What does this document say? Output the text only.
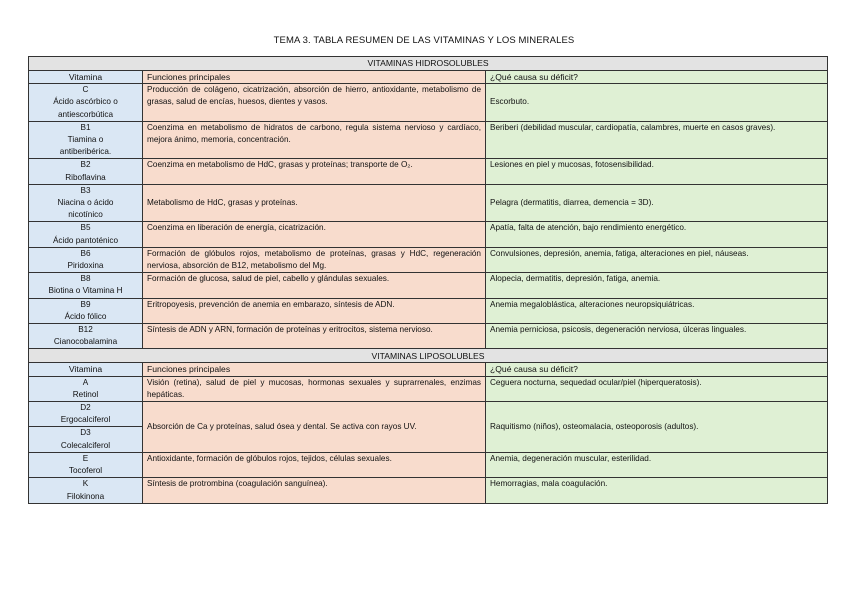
TEMA 3. TABLA RESUMEN DE LAS VITAMINAS Y LOS MINERALES
VITAMINAS HIDROSOLUBLES		
Vitamina	Funciones principales	¿Qué causa su déficit?

C
Ácido ascórbico o
antiescorbútica	Producción de colágeno, cicatrización, absorción de hierro, antioxidante, metabolismo de grasas, salud de encías, huesos, dientes y vasos.	Escorbuto.

B1
Tiamina o
antiberibérica.	Coenzima en metabolismo de hidratos de carbono, regula sistema nervioso y cardíaco, mejora ánimo, memoria, concentración.	Beriberi (debilidad muscular, cardiopatía, calambres, muerte en casos graves).

B2
Riboflavina	Coenzima en metabolismo de HdC, grasas y proteínas; transporte de O₂.	Lesiones en piel y mucosas, fotosensibilidad.

B3
Niacina o ácido
nicotínico	Metabolismo de HdC, grasas y proteínas.	Pelagra (dermatitis, diarrea, demencia = 3D).

B5
Ácido pantoténico	Coenzima en liberación de energía, cicatrización.	Apatía, falta de atención, bajo rendimiento energético.

B6
Piridoxina	Formación de glóbulos rojos, metabolismo de proteínas, grasas y HdC, regeneración nerviosa, absorción de B12, metabolismo del Mg.	Convulsiones, depresión, anemia, fatiga, alteraciones en piel, náuseas.

B8
Biotina o Vitamina H	Formación de glucosa, salud de piel, cabello y glándulas sexuales.	Alopecia, dermatitis, depresión, fatiga, anemia.

B9
Ácido fólico	Eritropoyesis, prevención de anemia en embarazo, síntesis de ADN.	Anemia megaloblástica, alteraciones neuropsiquiátricas.

B12
Cianocobalamina	Síntesis de ADN y ARN, formación de proteínas y eritrocitos, sistema nervioso.	Anemia perniciosa, psicosis, degeneración nerviosa, úlceras linguales.
VITAMINAS LIPOSOLUBLES		
Vitamina	Funciones principales	¿Qué causa su déficit?

A
Retinol	Visión (retina), salud de piel y mucosas, hormonas sexuales y suprarrenales, enzimas hepáticas.	Ceguera nocturna, sequedad ocular/piel (hiperqueratosis).

D2
Ergocalciferol	Absorción de Ca y proteínas, salud ósea y dental. Se activa con rayos UV.	Raquitismo (niños), osteomalacia, osteoporosis (adultos).

D3
Colecalciferol		

E
Tocoferol	Antioxidante, formación de glóbulos rojos, tejidos, células sexuales.	Anemia, degeneración muscular, esterilidad.

K
Filokinona	Síntesis de protrombina (coagulación sanguínea).	Hemorragias, mala coagulación.
